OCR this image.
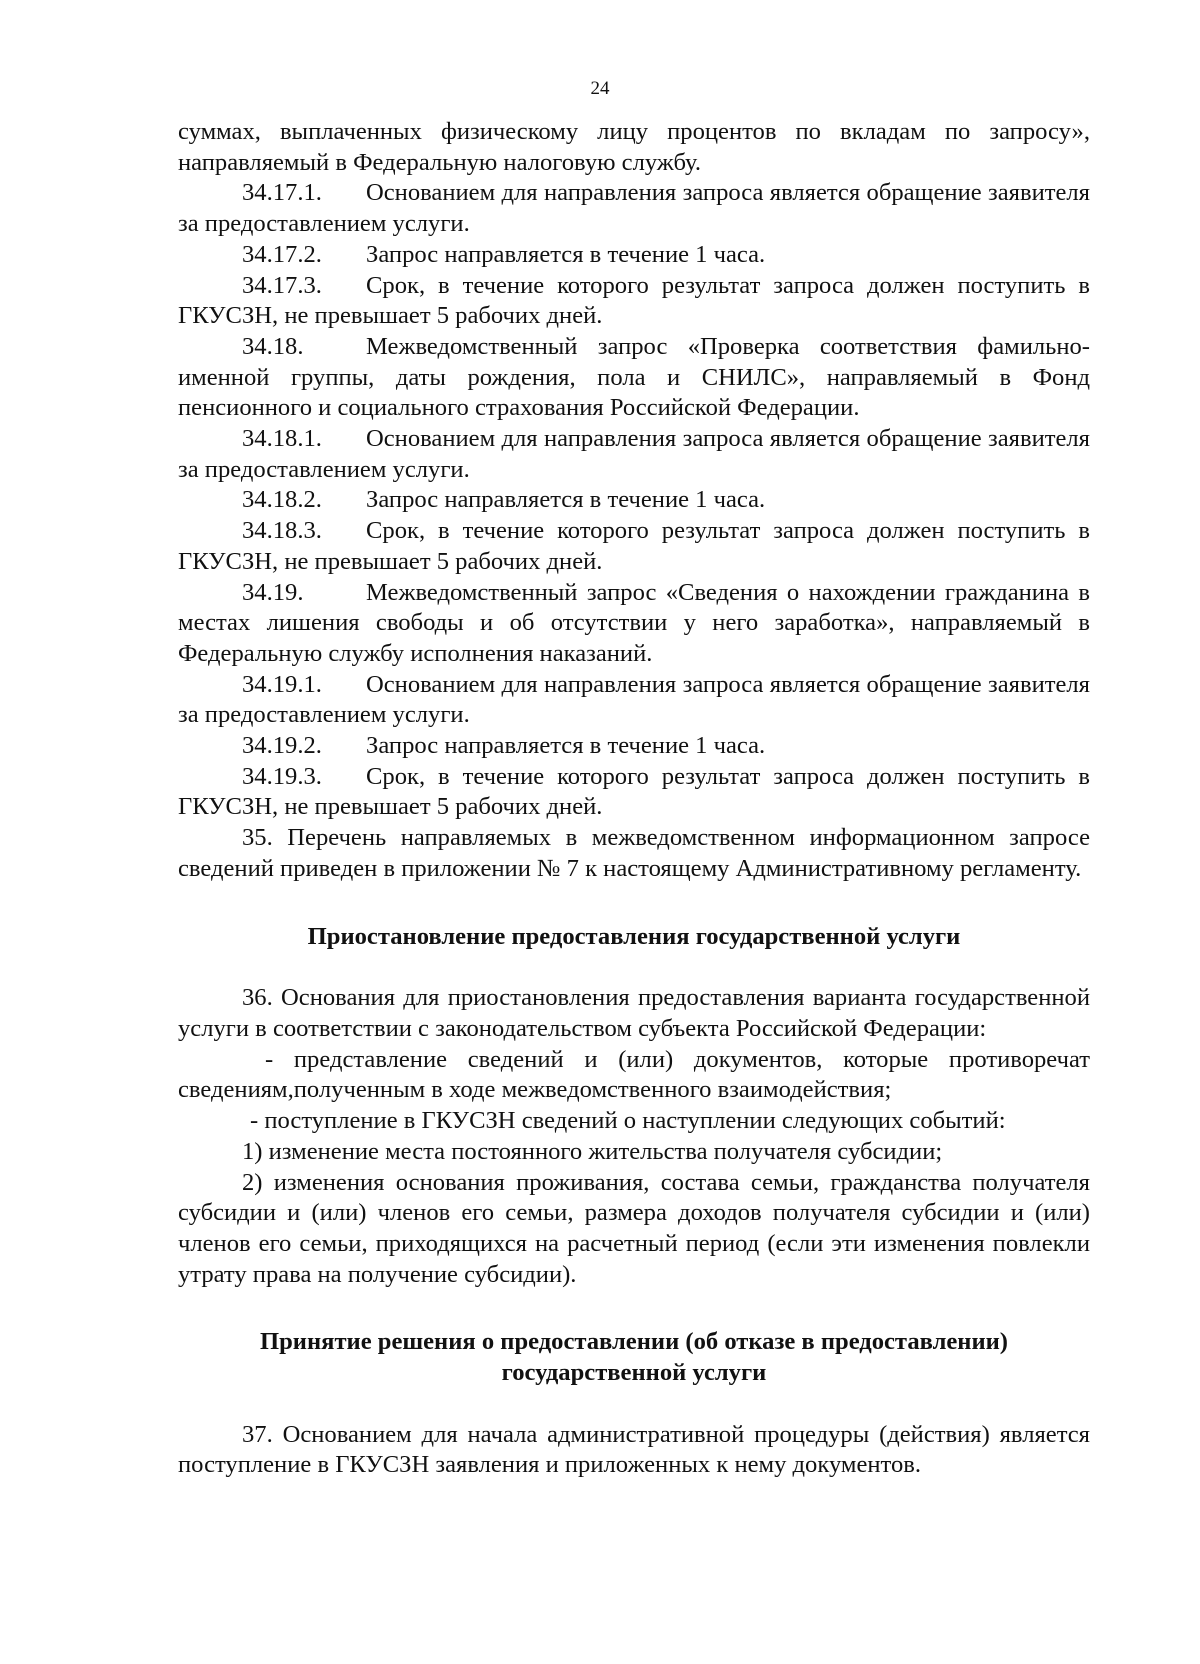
24

суммах, выплаченных физическому лицу процентов по вкладам по запросу», направляемый в Федеральную налоговую службу.

34.17.1. Основанием для направления запроса является обращение заявителя за предоставлением услуги.

34.17.2. Запрос направляется в течение 1 часа.

34.17.3. Срок, в течение которого результат запроса должен поступить в ГКУСЗН, не превышает 5 рабочих дней.

34.18.	Межведомственный запрос «Проверка соответствия фамильно-именной группы, даты рождения, пола и СНИЛС», направляемый в Фонд пенсионного и социального страхования Российской Федерации.

34.18.1. Основанием для направления запроса является обращение заявителя за предоставлением услуги.

34.18.2. Запрос направляется в течение 1 часа.

34.18.3. Срок, в течение которого результат запроса должен поступить в ГКУСЗН, не превышает 5 рабочих дней.

34.19.	Межведомственный запрос «Сведения о нахождении гражданина в местах лишения свободы и об отсутствии у него заработка», направляемый в Федеральную службу исполнения наказаний.

34.19.1. Основанием для направления запроса является обращение заявителя за предоставлением услуги.

34.19.2. Запрос направляется в течение 1 часа.

34.19.3. Срок, в течение которого результат запроса должен поступить в ГКУСЗН, не превышает 5 рабочих дней.

35. Перечень направляемых в межведомственном информационном запросе сведений приведен в приложении № 7 к настоящему Административному регламенту.

Приостановление предоставления государственной услуги

36. Основания для приостановления предоставления варианта государственной услуги в соответствии с законодательством субъекта Российской Федерации:

- представление сведений и (или) документов, которые противоречат сведениям,полученным в ходе межведомственного взаимодействия;

- поступление в ГКУСЗН сведений о наступлении следующих событий:

1) изменение места постоянного жительства получателя субсидии;

2) изменения основания проживания, состава семьи, гражданства получателя субсидии и (или) членов его семьи, размера доходов получателя субсидии и (или) членов его семьи, приходящихся на расчетный период (если эти изменения повлекли утрату права на получение субсидии).

Принятие решения о предоставлении (об отказе в предоставлении)

государственной услуги

37. Основанием для начала административной процедуры (действия) является поступление в ГКУСЗН заявления и приложенных к нему документов.
